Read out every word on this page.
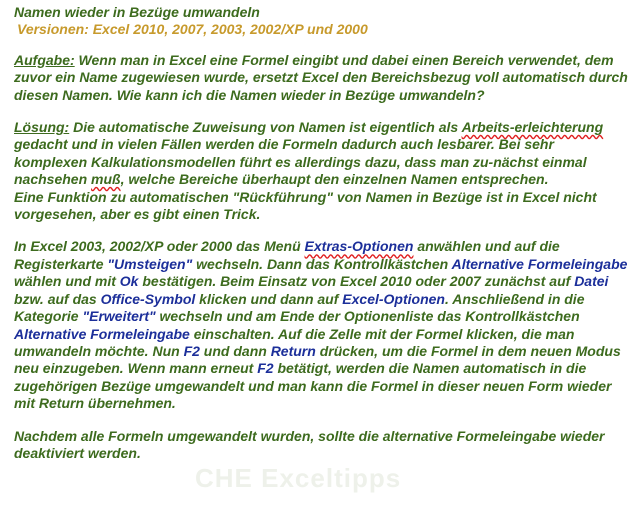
CHE Exceltipps

Namen wieder in Bezüge umwandeln

Versionen: Excel 2010, 2007, 2003, 2002/XP und 2000

Aufgabe: Wenn man in Excel eine Formel eingibt und dabei einen Bereich verwendet, dem zuvor ein Name zugewiesen wurde, ersetzt Excel den Bereichsbezug voll automatisch durch diesen Namen. Wie kann ich die Namen wieder in Bezüge umwandeln?

Lösung: Die automatische Zuweisung von Namen ist eigentlich als Arbeits-erleichterung gedacht und in vielen Fällen werden die Formeln dadurch auch lesbarer. Bei sehr komplexen Kalkulationsmodellen führt es allerdings dazu, dass man zu-nächst einmal nachsehen muß, welche Bereiche überhaupt den einzelnen Namen entsprechen.

Eine Funktion zu automatischen "Rückführung" von Namen in Bezüge ist in Excel nicht vorgesehen, aber es gibt einen Trick.

In Excel 2003, 2002/XP oder 2000 das Menü Extras-Optionen anwählen und auf die Registerkarte "Umsteigen" wechseln. Dann das Kontrollkästchen Alternative Formeleingabe wählen und mit Ok bestätigen. Beim Einsatz von Excel 2010 oder 2007 zunächst auf Datei bzw. auf das Office-Symbol klicken und dann auf Excel-Optionen. Anschließend in die Kategorie "Erweitert" wechseln und am Ende der Optionenliste das Kontrollkästchen Alternative Formeleingabe einschalten. Auf die Zelle mit der Formel klicken, die man umwandeln möchte. Nun F2 und dann Return drücken, um die Formel in dem neuen Modus neu einzugeben. Wenn mann erneut F2 betätigt, werden die Namen automatisch in die zugehörigen Bezüge umgewandelt und man kann die Formel in dieser neuen Form wieder mit Return übernehmen.

Nachdem alle Formeln umgewandelt wurden, sollte die alternative Formeleingabe wieder deaktiviert werden.
